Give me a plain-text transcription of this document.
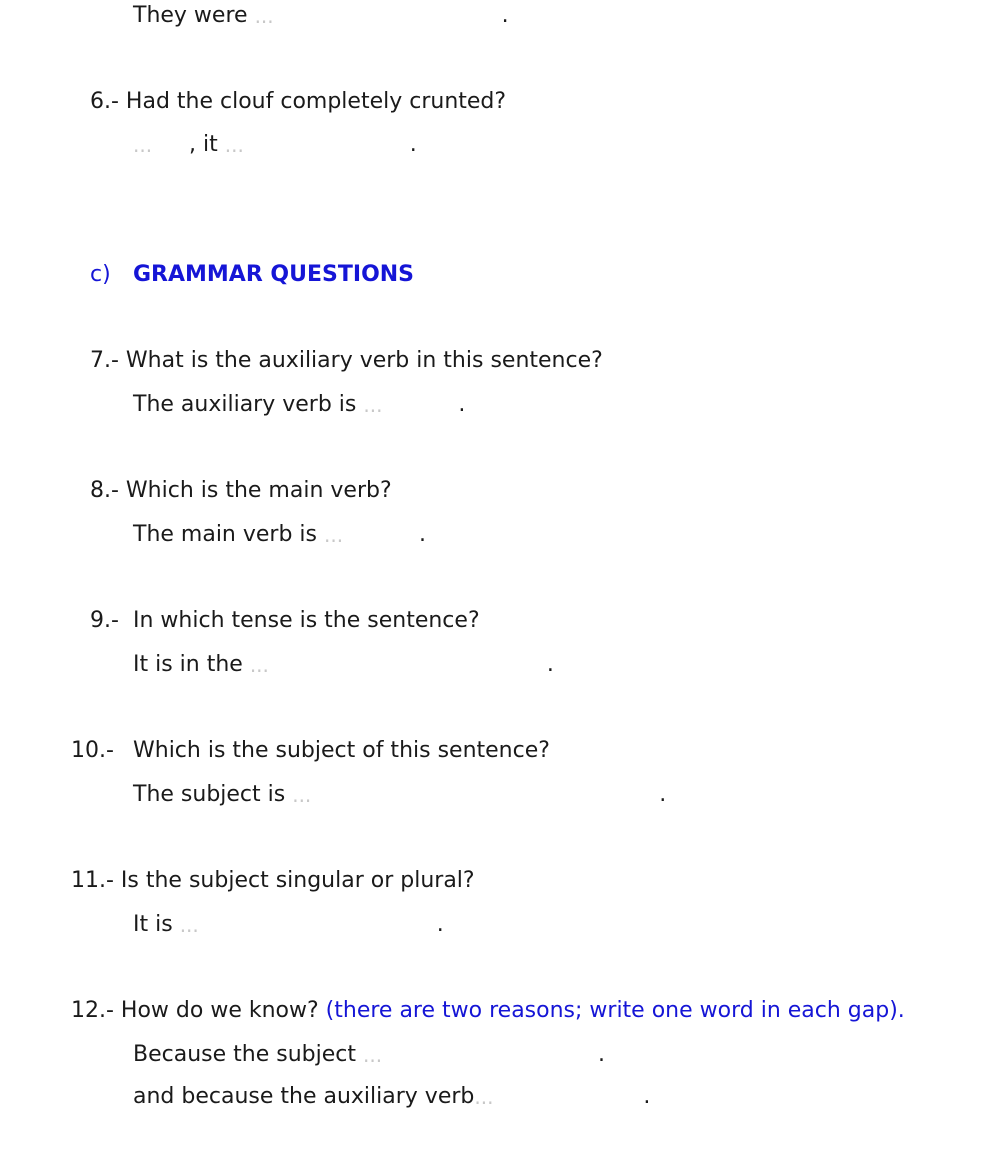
They were ...	.
6.- Had the clouf completely crunted?
..., it ...	.
c) GRAMMAR QUESTIONS
7.- What is the auxiliary verb in this sentence?
The auxiliary verb is ...	.
8.- Which is the main verb?
The main verb is ...	.
9.- In which tense is the sentence?
It is in the ...	.
10.- Which is the subject of this sentence?
The subject is ...	.
11.- Is the subject singular or plural?
It is ...	.
12.- How do we know? (there are two reasons; write one word in each gap).
Because the subject ...	.
and because the auxiliary verb...	.
